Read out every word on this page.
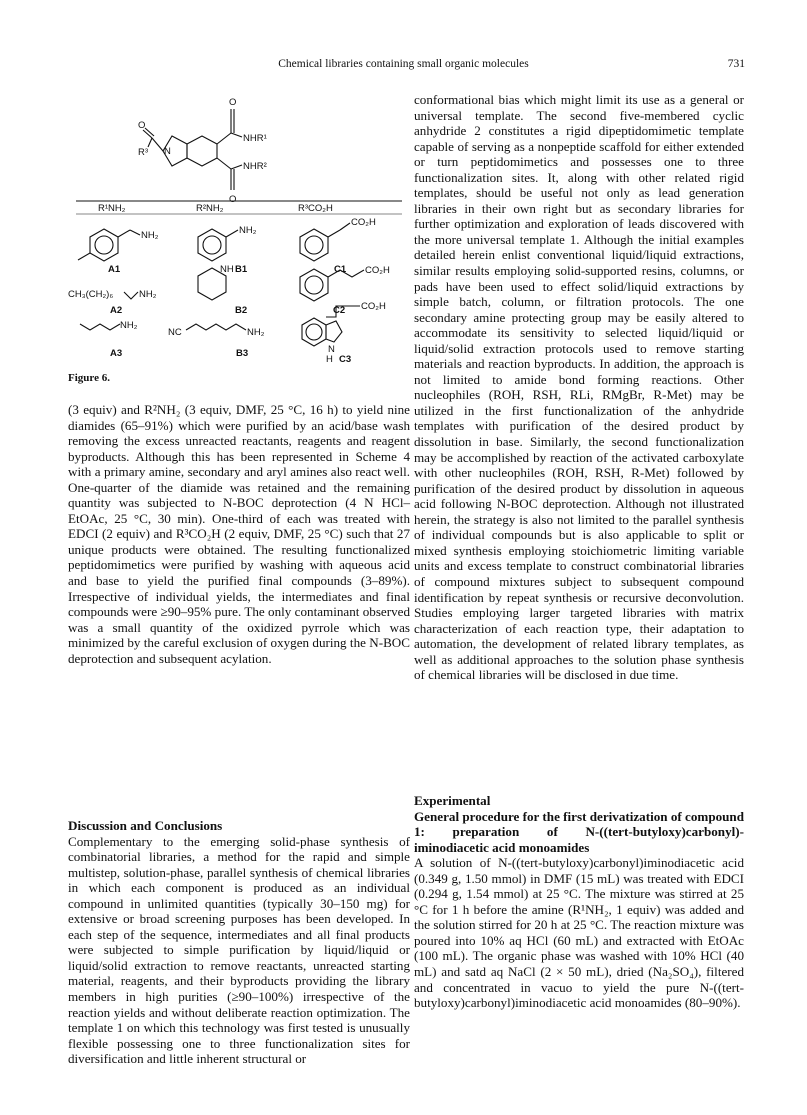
Chemical libraries containing small organic molecules	731
O
O
O
N
R³
NHR¹
NHR²
R¹NH₂	R²NH₂	R³CO₂H
NH₂
A1
NH₂
B1
CO₂H
C1
CH₃(CH₂)₆	NH₂
A2
NH
B2
CO₂H
C2
NH₂
A3
NC	NH₂
B3
CO₂H
N
H C3
Figure 6.

(3 equiv) and R²NH₂ (3 equiv, DMF, 25 °C, 16 h) to yield nine diamides (65–91%) which were purified by an acid/base wash removing the excess unreacted reactants, reagents and reagent byproducts. Although this has been represented in Scheme 4 with a primary amine, secondary and aryl amines also react well. One-quarter of the diamide was retained and the remaining quantity was subjected to N-BOC deprotection (4 N HCl–EtOAc, 25 °C, 30 min). One-third of each was treated with EDCI (2 equiv) and R³CO₂H (2 equiv, DMF, 25 °C) such that 27 unique products were obtained. The resulting functionalized peptidomimetics were purified by washing with aqueous acid and base to yield the purified final compounds (3–89%). Irrespective of individual yields, the intermediates and final compounds were ≥90–95% pure. The only contaminant observed was a small quantity of the oxidized pyrrole which was minimized by the careful exclusion of oxygen during the N-BOC deprotection and subsequent acylation.

Discussion and Conclusions

Complementary to the emerging solid-phase synthesis of combinatorial libraries, a method for the rapid and simple multistep, solution-phase, parallel synthesis of chemical libraries in which each component is produced as an individual compound in unlimited quantities (typically 30–150 mg) for extensive or broad screening purposes has been developed. In each step of the sequence, intermediates and all final products were subjected to simple purification by liquid/liquid or liquid/solid extraction to remove reactants, unreacted starting material, reagents, and their byproducts providing the library members in high purities (≥90–100%) irrespective of the reaction yields and without deliberate reaction optimization. The template 1 on which this technology was first tested is unusually flexible possessing one to three functionalization sites for diversification and little inherent structural or

conformational bias which might limit its use as a general or universal template. The second five-membered cyclic anhydride 2 constitutes a rigid dipeptidomimetic template capable of serving as a nonpeptide scaffold for either extended or turn peptidomimetics and possesses one to three functionalization sites. It, along with other related rigid templates, should be useful not only as lead generation libraries in their own right but as secondary libraries for further optimization and exploration of leads discovered with the more universal template 1. Although the initial examples detailed herein enlist conventional liquid/liquid extractions, similar results employing solid-supported resins, columns, or pads have been used to effect solid/liquid extractions by simple batch, column, or filtration protocols. The one secondary amine protecting group may be easily altered to accommodate its sensitivity to selected liquid/liquid or liquid/solid extraction protocols used to remove starting materials and reaction byproducts. In addition, the approach is not limited to amide bond forming reactions. Other nucleophiles (ROH, RSH, RLi, RMgBr, R-Met) may be utilized in the first functionalization of the anhydride templates with purification of the desired product by dissolution in base. Similarly, the second functionalization may be accomplished by reaction of the activated carboxylate with other nucleophiles (ROH, RSH, R-Met) followed by purification of the desired product by dissolution in aqueous acid following N-BOC deprotection. Although not illustrated herein, the strategy is also not limited to the parallel synthesis of individual compounds but is also applicable to split or mixed synthesis employing stoichiometric limiting variable units and excess template to construct combinatorial libraries of compound mixtures subject to subsequent compound identification by repeat synthesis or recursive deconvolution. Studies employing larger targeted libraries with matrix characterization of each reaction type, their adaptation to automation, the development of related library templates, as well as additional approaches to the solution phase synthesis of chemical libraries will be disclosed in due time.

Experimental

General procedure for the first derivatization of compound 1: preparation of N-((tert-butyloxy)carbonyl)-iminodiacetic acid monoamides

A solution of N-((tert-butyloxy)carbonyl)iminodiacetic acid (0.349 g, 1.50 mmol) in DMF (15 mL) was treated with EDCI (0.294 g, 1.54 mmol) at 25 °C. The mixture was stirred at 25 °C for 1 h before the amine (R¹NH₂, 1 equiv) was added and the solution stirred for 20 h at 25 °C. The reaction mixture was poured into 10% aq HCl (60 mL) and extracted with EtOAc (100 mL). The organic phase was washed with 10% HCl (40 mL) and satd aq NaCl (2 × 50 mL), dried (Na₂SO₄), filtered and concentrated in vacuo to yield the pure N-((tert-butyloxy)carbonyl)iminodiacetic acid monoamides (80–90%).
